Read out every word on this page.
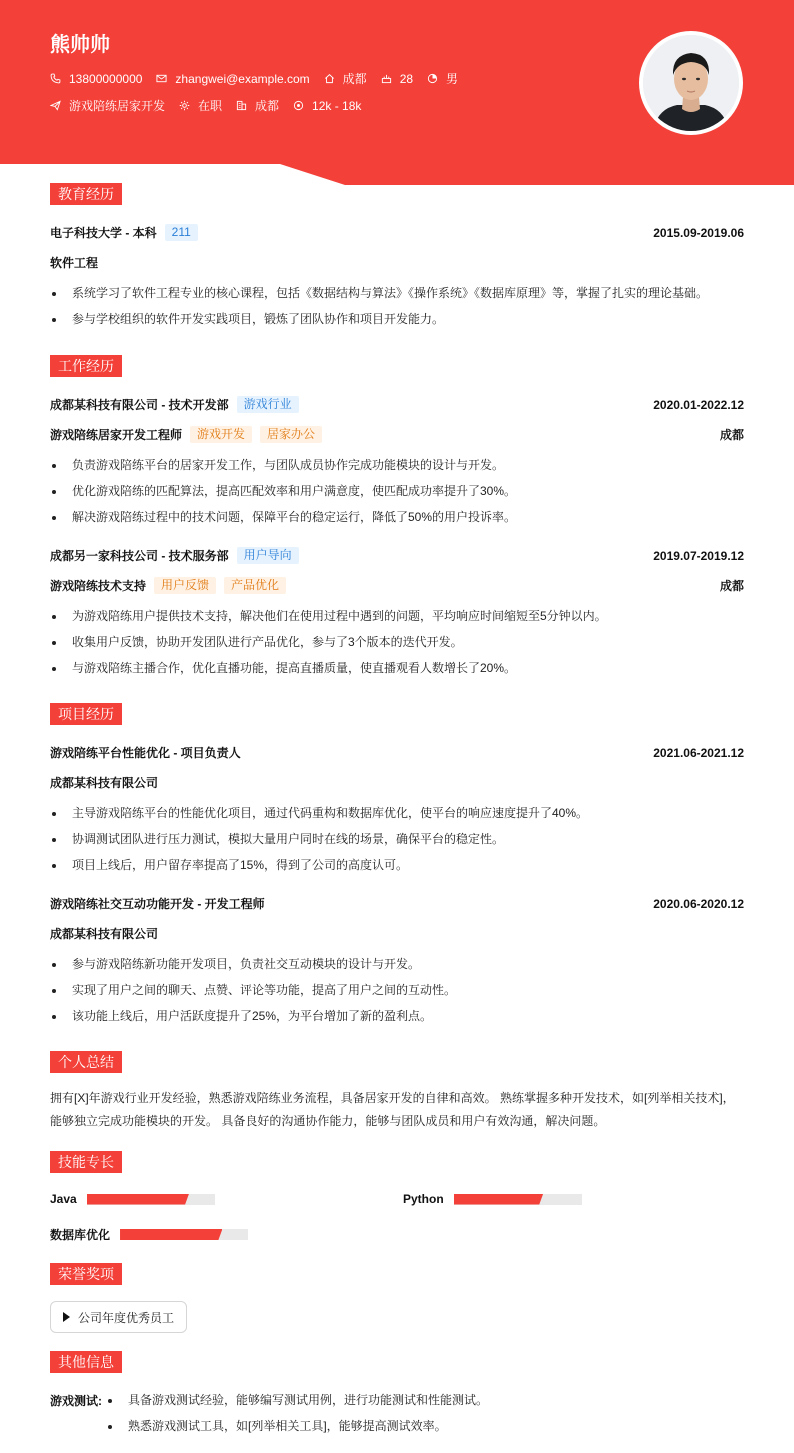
熊帅帅
13800000000	zhangwei@example.com	成都	28	男
游戏陪练居家开发	在职	成都	12k - 18k
教育经历
电子科技大学 - 本科	211	2015.09-2019.06
软件工程
系统学习了软件工程专业的核心课程，包括《数据结构与算法》《操作系统》《数据库原理》等，掌握了扎实的理论基础。
参与学校组织的软件开发实践项目，锻炼了团队协作和项目开发能力。
工作经历
成都某科技有限公司 - 技术开发部	游戏行业	2020.01-2022.12
游戏陪练居家开发工程师	游戏开发	居家办公	成都
负责游戏陪练平台的居家开发工作，与团队成员协作完成功能模块的设计与开发。
优化游戏陪练的匹配算法，提高匹配效率和用户满意度，使匹配成功率提升了30%。
解决游戏陪练过程中的技术问题，保障平台的稳定运行，降低了50%的用户投诉率。
成都另一家科技公司 - 技术服务部	用户导向	2019.07-2019.12
游戏陪练技术支持	用户反馈	产品优化	成都
为游戏陪练用户提供技术支持，解决他们在使用过程中遇到的问题，平均响应时间缩短至5分钟以内。
收集用户反馈，协助开发团队进行产品优化，参与了3个版本的迭代开发。
与游戏陪练主播合作，优化直播功能，提高直播质量，使直播观看人数增长了20%。
项目经历
游戏陪练平台性能优化 - 项目负责人	2021.06-2021.12
成都某科技有限公司
主导游戏陪练平台的性能优化项目，通过代码重构和数据库优化，使平台的响应速度提升了40%。
协调测试团队进行压力测试，模拟大量用户同时在线的场景，确保平台的稳定性。
项目上线后，用户留存率提高了15%，得到了公司的高度认可。
游戏陪练社交互动功能开发 - 开发工程师	2020.06-2020.12
成都某科技有限公司
参与游戏陪练新功能开发项目，负责社交互动模块的设计与开发。
实现了用户之间的聊天、点赞、评论等功能，提高了用户之间的互动性。
该功能上线后，用户活跃度提升了25%，为平台增加了新的盈利点。
个人总结
拥有[X]年游戏行业开发经验，熟悉游戏陪练业务流程，具备居家开发的自律和高效。 熟练掌握多种开发技术，如[列举相关技术]，能够独立完成功能模块的开发。 具备良好的沟通协作能力，能够与团队成员和用户有效沟通，解决问题。
技能专长
Java	Python
数据库优化
荣誉奖项
公司年度优秀员工
其他信息
游戏测试:	具备游戏测试经验，能够编写测试用例，进行功能测试和性能测试。
熟悉游戏测试工具，如[列举相关工具]，能够提高测试效率。
